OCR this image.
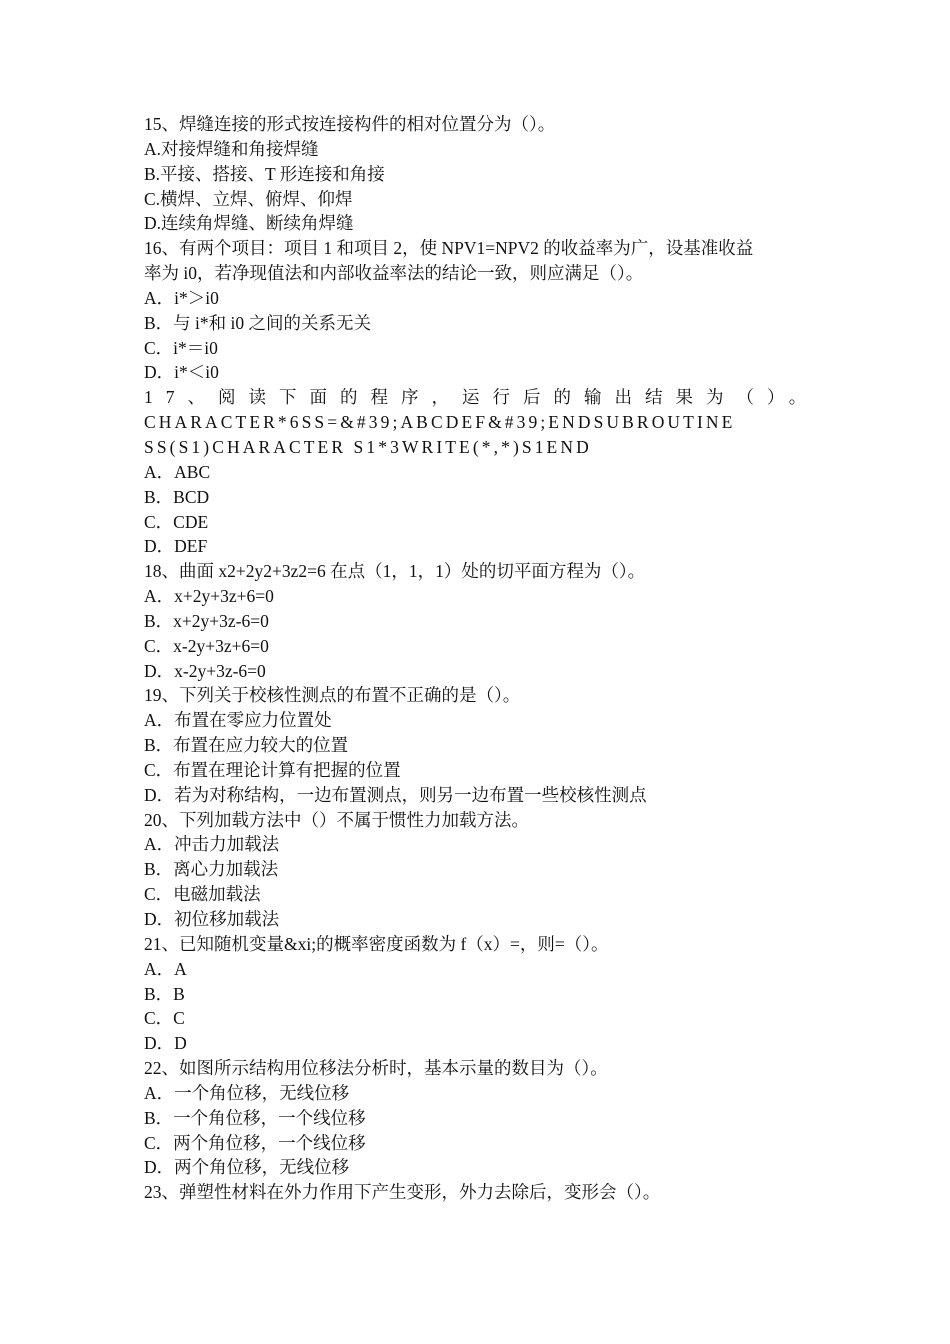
15、焊缝连接的形式按连接构件的相对位置分为（）。
A.对接焊缝和角接焊缝
B.平接、搭接、T 形连接和角接
C.横焊、立焊、俯焊、仰焊
D.连续角焊缝、断续角焊缝
16、有两个项目：项目 1 和项目 2，使 NPV1=NPV2 的收益率为广，设基准收益
率为 i0，若净现值法和内部收益率法的结论一致，则应满足（）。
A．i*＞i0
B．与 i*和 i0 之间的关系无关
C．i*＝i0
D．i*＜i0
17、阅读下面的程序，运行后的输出结果为（）。
CHARACTER*6SS=&#39;ABCDEF&#39;ENDSUBROUTINE
SS(S1)CHARACTER S1*3WRITE(*,*)S1END
A．ABC
B．BCD
C．CDE
D．DEF
18、曲面 x2+2y2+3z2=6 在点（1，1，1）处的切平面方程为（）。
A．x+2y+3z+6=0
B．x+2y+3z-6=0
C．x-2y+3z+6=0
D．x-2y+3z-6=0
19、下列关于校核性测点的布置不正确的是（）。
A．布置在零应力位置处
B．布置在应力较大的位置
C．布置在理论计算有把握的位置
D．若为对称结构，一边布置测点，则另一边布置一些校核性测点
20、下列加载方法中（）不属于惯性力加载方法。
A．冲击力加载法
B．离心力加载法
C．电磁加载法
D．初位移加载法
21、已知随机变量&xi;的概率密度函数为 f（x）=，则=（）。
A．A
B．B
C．C
D．D
22、如图所示结构用位移法分析时，基本示量的数目为（）。
A．一个角位移，无线位移
B．一个角位移，一个线位移
C．两个角位移，一个线位移
D．两个角位移，无线位移
23、弹塑性材料在外力作用下产生变形，外力去除后，变形会（）。
